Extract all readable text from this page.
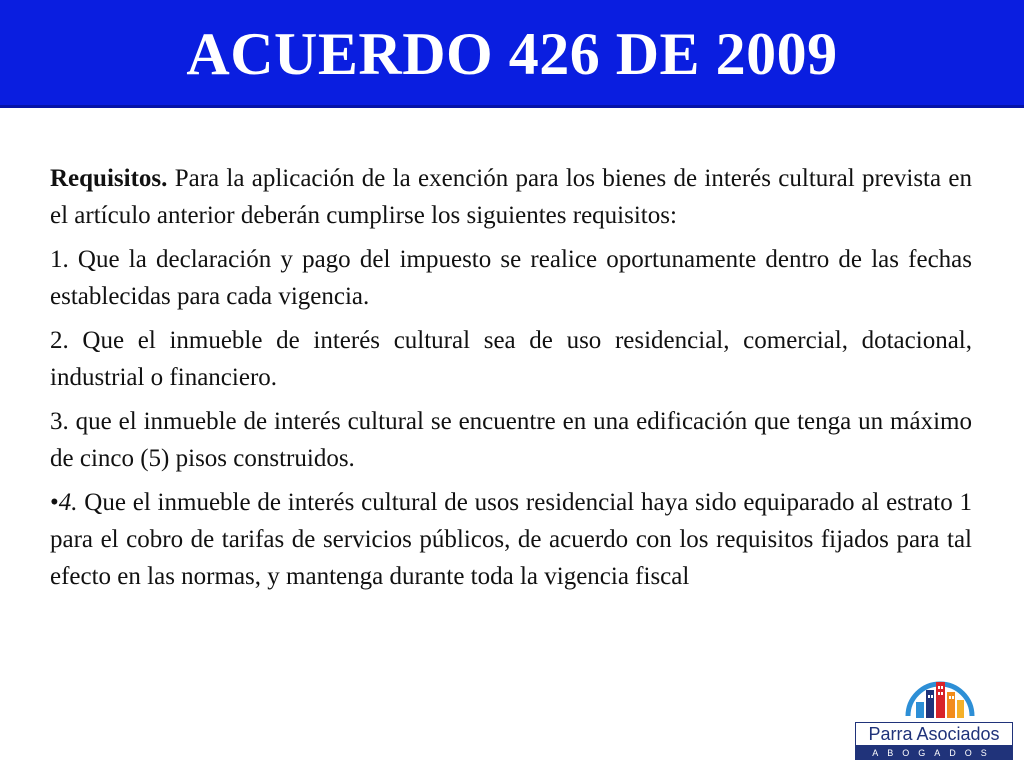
ACUERDO 426 DE 2009

Requisitos. Para la aplicación de la exención para los bienes de interés cultural prevista en el artículo anterior deberán cumplirse los siguientes requisitos:

1. Que la declaración y pago del impuesto se realice oportunamente dentro de las fechas establecidas para cada vigencia.

2. Que el inmueble de interés cultural sea de uso residencial, comercial, dotacional, industrial o financiero.

3. que el inmueble de interés cultural se encuentre en una edificación que tenga un máximo de cinco (5) pisos construidos.

•4. Que el inmueble de interés cultural de usos residencial haya sido equiparado al estrato 1 para el cobro de tarifas de servicios públicos, de acuerdo con los requisitos fijados para tal efecto en las normas, y mantenga durante toda la vigencia fiscal

Parra Asociados
ABOGADOS
